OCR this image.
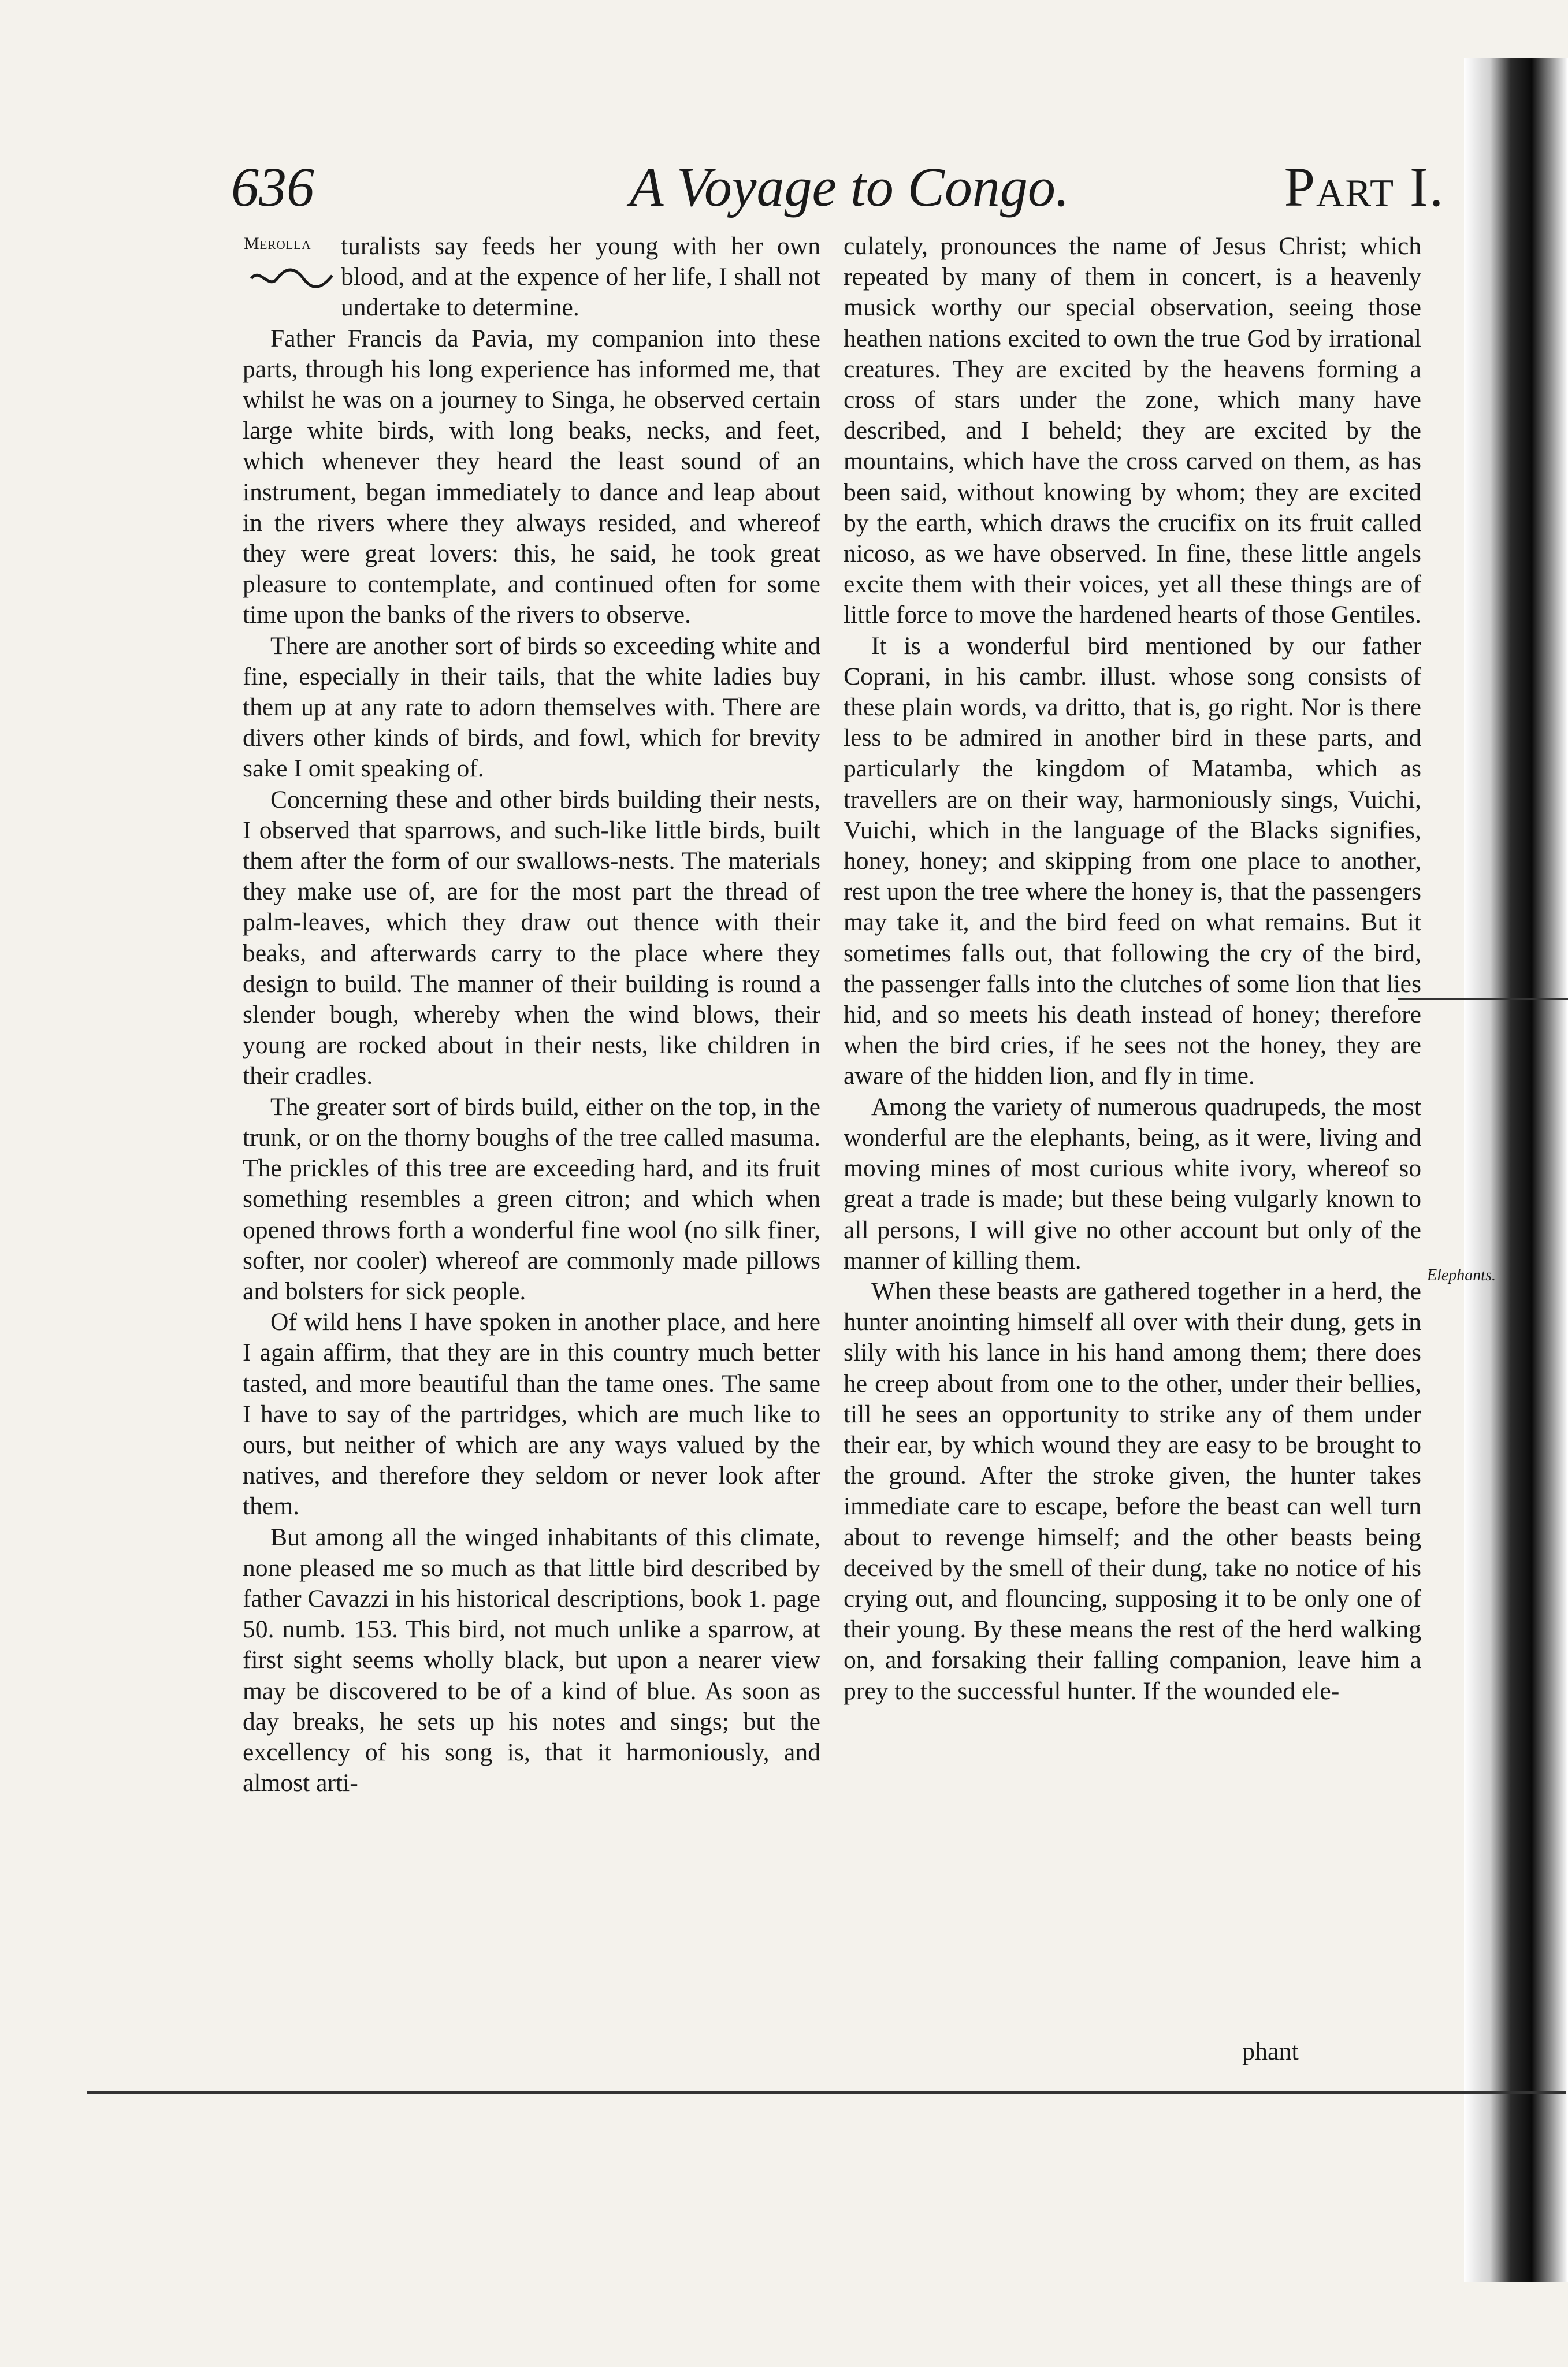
636	A Voyage to Congo.	Part I.
Merolla	turalists say feeds her young with her own blood, and at the expence of her life, I shall not undertake to determine.

Father Francis da Pavia, my companion into these parts, through his long experience has informed me, that whilst he was on a journey to Singa, he observed certain large white birds, with long beaks, necks, and feet, which whenever they heard the least sound of an instrument, began immediately to dance and leap about in the rivers where they always resided, and whereof they were great lovers: this, he said, he took great pleasure to contemplate, and continued often for some time upon the banks of the rivers to observe.

There are another sort of birds so exceeding white and fine, especially in their tails, that the white ladies buy them up at any rate to adorn themselves with. There are divers other kinds of birds, and fowl, which for brevity sake I omit speaking of.

Concerning these and other birds building their nests, I observed that sparrows, and such-like little birds, built them after the form of our swallows-nests. The materials they make use of, are for the most part the thread of palm-leaves, which they draw out thence with their beaks, and afterwards carry to the place where they design to build. The manner of their building is round a slender bough, whereby when the wind blows, their young are rocked about in their nests, like children in their cradles.

The greater sort of birds build, either on the top, in the trunk, or on the thorny boughs of the tree called masuma. The prickles of this tree are exceeding hard, and its fruit something resembles a green citron; and which when opened throws forth a wonderful fine wool (no silk finer, softer, nor cooler) whereof are commonly made pillows and bolsters for sick people.

Of wild hens I have spoken in another place, and here I again affirm, that they are in this country much better tasted, and more beautiful than the tame ones. The same I have to say of the partridges, which are much like to ours, but neither of which are any ways valued by the natives, and therefore they seldom or never look after them.

But among all the winged inhabitants of this climate, none pleased me so much as that little bird described by father Cavazzi in his historical descriptions, book 1. page 50. numb. 153. This bird, not much unlike a sparrow, at first sight seems wholly black, but upon a nearer view may be discovered to be of a kind of blue. As soon as day breaks, he sets up his notes and sings; but the excellency of his song is, that it harmoniously, and almost arti-

culately, pronounces the name of Jesus Christ; which repeated by many of them in concert, is a heavenly musick worthy our special observation, seeing those heathen nations excited to own the true God by irrational creatures. They are excited by the heavens forming a cross of stars under the zone, which many have described, and I beheld; they are excited by the mountains, which have the cross carved on them, as has been said, without knowing by whom; they are excited by the earth, which draws the crucifix on its fruit called nicoso, as we have observed. In fine, these little angels excite them with their voices, yet all these things are of little force to move the hardened hearts of those Gentiles.

It is a wonderful bird mentioned by our father Coprani, in his cambr. illust. whose song consists of these plain words, va dritto, that is, go right. Nor is there less to be admired in another bird in these parts, and particularly the kingdom of Matamba, which as travellers are on their way, harmoniously sings, Vuichi, Vuichi, which in the language of the Blacks signifies, honey, honey; and skipping from one place to another, rest upon the tree where the honey is, that the passengers may take it, and the bird feed on what remains. But it sometimes falls out, that following the cry of the bird, the passenger falls into the clutches of some lion that lies hid, and so meets his death instead of honey; therefore when the bird cries, if he sees not the honey, they are aware of the hidden lion, and fly in time.

Among the variety of numerous quadrupeds, the most wonderful are the elephants, being, as it were, living and moving mines of most curious white ivory, whereof so great a trade is made; but these being vulgarly known to all persons, I will give no other account but only of the manner of killing them.

When these beasts are gathered together in a herd, the hunter anointing himself all over with their dung, gets in slily with his lance in his hand among them; there does he creep about from one to the other, under their bellies, till he sees an opportunity to strike any of them under their ear, by which wound they are easy to be brought to the ground. After the stroke given, the hunter takes immediate care to escape, before the beast can well turn about to revenge himself; and the other beasts being deceived by the smell of their dung, take no notice of his crying out, and flouncing, supposing it to be only one of their young. By these means the rest of the herd walking on, and forsaking their falling companion, leave him a prey to the successful hunter. If the wounded ele-

Elephants.
phant
